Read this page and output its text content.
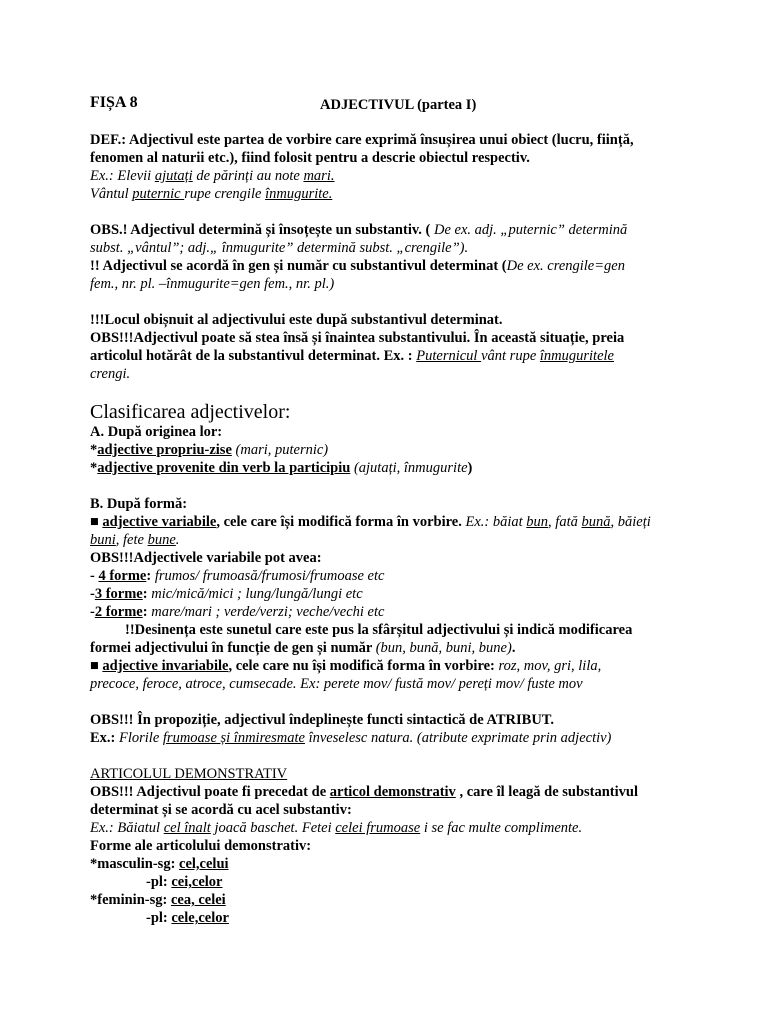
FIȘA 8	ADJECTIVUL (partea I)
DEF.: Adjectivul este partea de vorbire care exprimă însușirea unui obiect (lucru, ființă,
fenomen al naturii etc.), fiind folosit pentru a descrie obiectul respectiv.
Ex.: Elevii ajutați de părinți au note mari.
Vântul puternic rupe crengile înmugurite.
OBS.! Adjectivul determină și însoțește un substantiv. ( De ex. adj. „puternic” determină
subst. „vântul”; adj.„ înmugurite” determină subst. „crengile”).
!! Adjectivul se acordă în gen și număr cu substantivul determinat (De ex. crengile=gen
fem., nr. pl. –înmugurite=gen fem., nr. pl.)
!!!Locul obișnuit al adjectivului este după substantivul determinat.
OBS!!!Adjectivul poate să stea însă și înaintea substantivului. În această situație, preia
articolul hotărât de la substantivul determinat. Ex. : Puternicul vânt rupe înmuguritele
crengi.
Clasificarea adjectivelor:
A. După originea lor:
*adjective propriu-zise (mari, puternic)
*adjective provenite din verb la participiu (ajutați, înmugurite)
B. După formă:
■ adjective variabile, cele care își modifică forma în vorbire. Ex.: băiat bun, fată bună, băieți
buni, fete bune.
OBS!!!Adjectivele variabile pot avea:
- 4 forme: frumos/ frumoasă/frumosi/frumoase etc
-3 forme: mic/mică/mici ; lung/lungă/lungi etc
-2 forme: mare/mari ; verde/verzi; veche/vechi etc
!!Desinența este sunetul care este pus la sfârșitul adjectivului și indică modificarea
formei adjectivului în funcție de gen și număr (bun, bună, buni, bune).
■ adjective invariabile, cele care nu își modifică forma în vorbire: roz, mov, gri, lila,
precoce, feroce, atroce, cumsecade. Ex: perete mov/ fustă mov/ pereți mov/ fuste mov
OBS!!! În propoziție, adjectivul îndeplinește functi sintactică de ATRIBUT.
Ex.: Florile frumoase și înmiresmate înveselesc natura. (atribute exprimate prin adjectiv)
ARTICOLUL DEMONSTRATIV
OBS!!! Adjectivul poate fi precedat de articol demonstrativ , care îl leagă de substantivul
determinat și se acordă cu acel substantiv:
Ex.: Băiatul cel înalt joacă baschet. Fetei celei frumoase i se fac multe complimente.
Forme ale articolului demonstrativ:
*masculin-sg: cel,celui
-pl: cei,celor
*feminin-sg: cea, celei
-pl: cele,celor
